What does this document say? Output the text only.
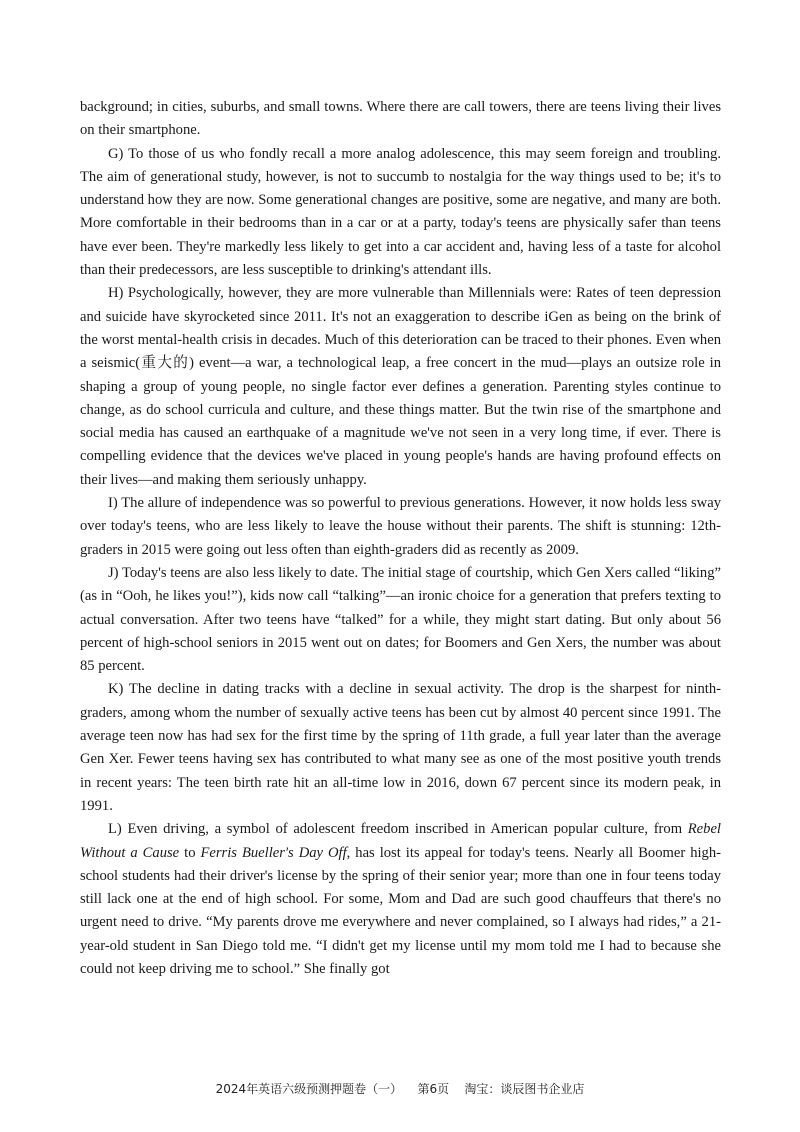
background; in cities, suburbs, and small towns. Where there are call towers, there are teens living their lives on their smartphone.

G) To those of us who fondly recall a more analog adolescence, this may seem foreign and troubling. The aim of generational study, however, is not to succumb to nostalgia for the way things used to be; it's to understand how they are now. Some generational changes are positive, some are negative, and many are both. More comfortable in their bedrooms than in a car or at a party, today's teens are physically safer than teens have ever been. They're markedly less likely to get into a car accident and, having less of a taste for alcohol than their predecessors, are less susceptible to drinking's attendant ills.

H) Psychologically, however, they are more vulnerable than Millennials were: Rates of teen depression and suicide have skyrocketed since 2011. It's not an exaggeration to describe iGen as being on the brink of the worst mental-health crisis in decades. Much of this deterioration can be traced to their phones. Even when a seismic(重大的) event—a war, a technological leap, a free concert in the mud—plays an outsize role in shaping a group of young people, no single factor ever defines a generation. Parenting styles continue to change, as do school curricula and culture, and these things matter. But the twin rise of the smartphone and social media has caused an earthquake of a magnitude we've not seen in a very long time, if ever. There is compelling evidence that the devices we've placed in young people's hands are having profound effects on their lives—and making them seriously unhappy.

I) The allure of independence was so powerful to previous generations. However, it now holds less sway over today's teens, who are less likely to leave the house without their parents. The shift is stunning: 12th-graders in 2015 were going out less often than eighth-graders did as recently as 2009.

J) Today's teens are also less likely to date. The initial stage of courtship, which Gen Xers called “liking” (as in “Ooh, he likes you!”), kids now call “talking”—an ironic choice for a generation that prefers texting to actual conversation. After two teens have “talked” for a while, they might start dating. But only about 56 percent of high-school seniors in 2015 went out on dates; for Boomers and Gen Xers, the number was about 85 percent.

K) The decline in dating tracks with a decline in sexual activity. The drop is the sharpest for ninth-graders, among whom the number of sexually active teens has been cut by almost 40 percent since 1991. The average teen now has had sex for the first time by the spring of 11th grade, a full year later than the average Gen Xer. Fewer teens having sex has contributed to what many see as one of the most positive youth trends in recent years: The teen birth rate hit an all-time low in 2016, down 67 percent since its modern peak, in 1991.

L) Even driving, a symbol of adolescent freedom inscribed in American popular culture, from Rebel Without a Cause to Ferris Bueller's Day Off, has lost its appeal for today's teens. Nearly all Boomer high-school students had their driver's license by the spring of their senior year; more than one in four teens today still lack one at the end of high school. For some, Mom and Dad are such good chauffeurs that there's no urgent need to drive. “My parents drove me everywhere and never complained, so I always had rides,” a 21-year-old student in San Diego told me. “I didn't get my license until my mom told me I had to because she could not keep driving me to school.” She finally got

2024年英语六级预测押题卷（一） 第6页 淘宝：谈辰图书企业店
